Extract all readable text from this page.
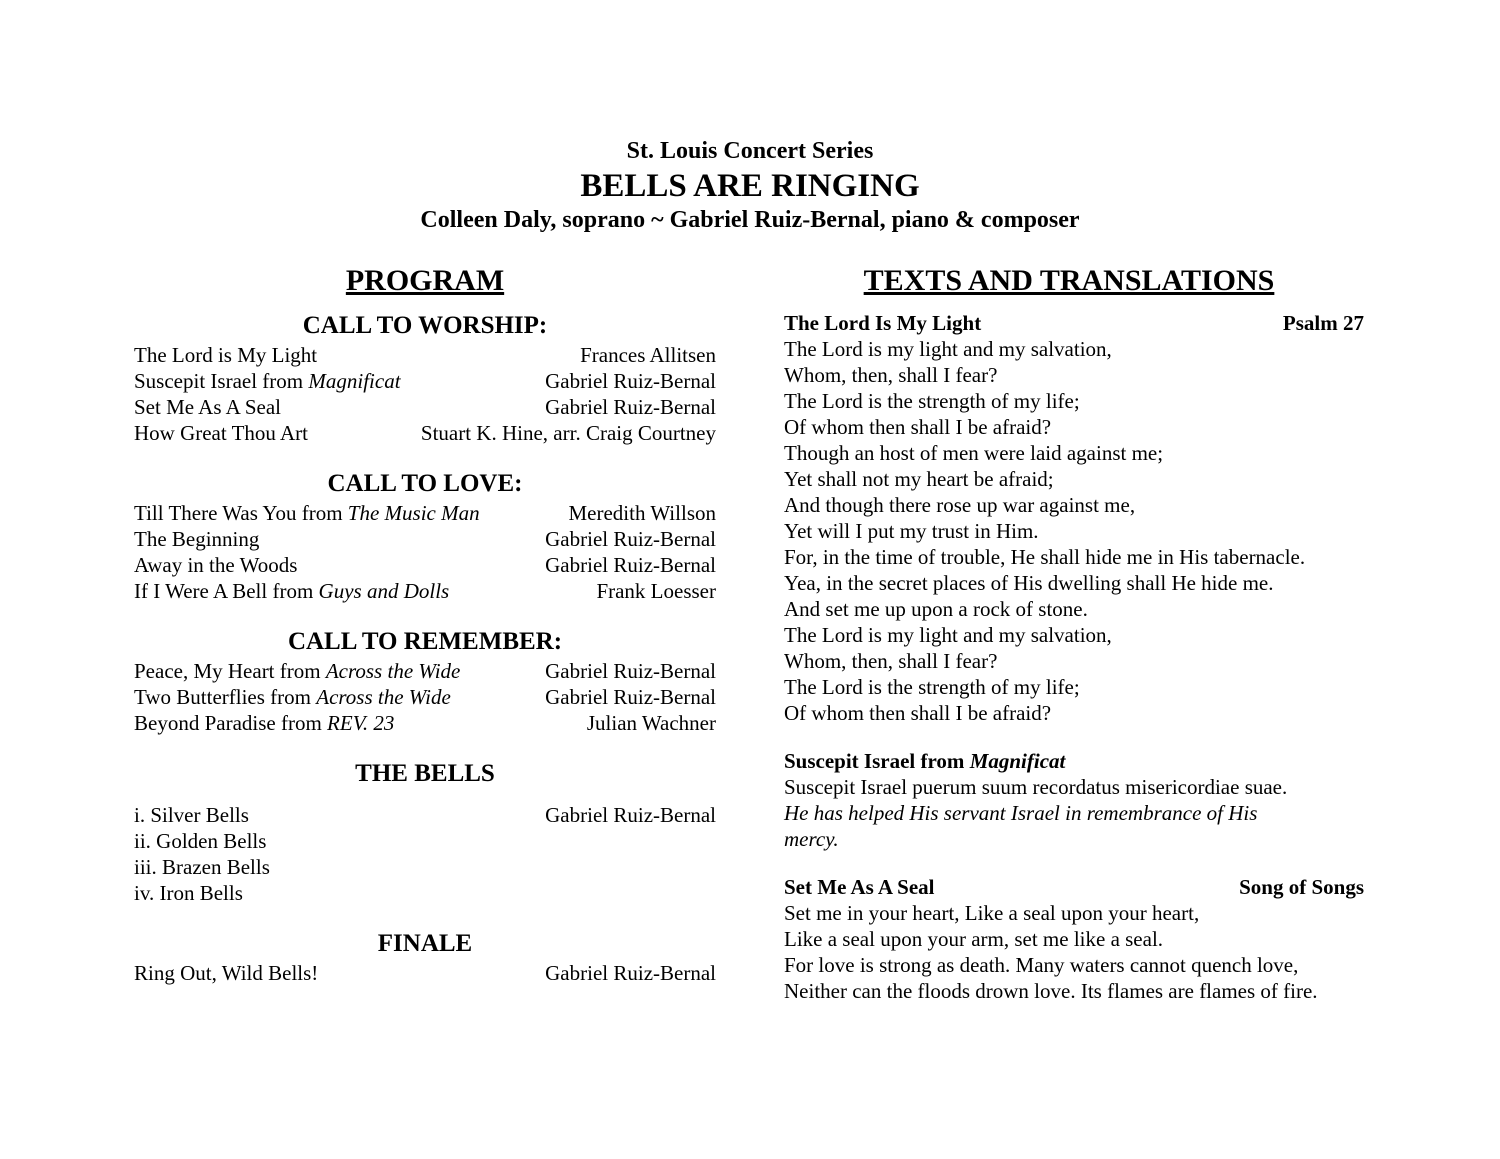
St. Louis Concert Series
BELLS ARE RINGING
Colleen Daly, soprano ~ Gabriel Ruiz-Bernal, piano & composer
PROGRAM
CALL TO WORSHIP:
The Lord is My Light	Frances Allitsen
Suscepit Israel from Magnificat	Gabriel Ruiz-Bernal
Set Me As A Seal	Gabriel Ruiz-Bernal
How Great Thou Art	Stuart K. Hine, arr. Craig Courtney
CALL TO LOVE:
Till There Was You from The Music Man	Meredith Willson
The Beginning	Gabriel Ruiz-Bernal
Away in the Woods	Gabriel Ruiz-Bernal
If I Were A Bell from Guys and Dolls	Frank Loesser
CALL TO REMEMBER:
Peace, My Heart from Across the Wide	Gabriel Ruiz-Bernal
Two Butterflies from Across the Wide	Gabriel Ruiz-Bernal
Beyond Paradise from REV. 23	Julian Wachner
THE BELLS
i. Silver Bells	Gabriel Ruiz-Bernal
ii. Golden Bells
iii. Brazen Bells
iv. Iron Bells
FINALE
Ring Out, Wild Bells!	Gabriel Ruiz-Bernal
TEXTS AND TRANSLATIONS
The Lord Is My Light	Psalm 27
The Lord is my light and my salvation,
Whom, then, shall I fear?
The Lord is the strength of my life;
Of whom then shall I be afraid?
Though an host of men were laid against me;
Yet shall not my heart be afraid;
And though there rose up war against me,
Yet will I put my trust in Him.
For, in the time of trouble, He shall hide me in His tabernacle.
Yea, in the secret places of His dwelling shall He hide me.
And set me up upon a rock of stone.
The Lord is my light and my salvation,
Whom, then, shall I fear?
The Lord is the strength of my life;
Of whom then shall I be afraid?
Suscepit Israel from Magnificat
Suscepit Israel puerum suum recordatus misericordiae suae.
He has helped His servant Israel in remembrance of His
mercy.
Set Me As A Seal	Song of Songs
Set me in your heart, Like a seal upon your heart,
Like a seal upon your arm, set me like a seal.
For love is strong as death. Many waters cannot quench love,
Neither can the floods drown love. Its flames are flames of fire.
